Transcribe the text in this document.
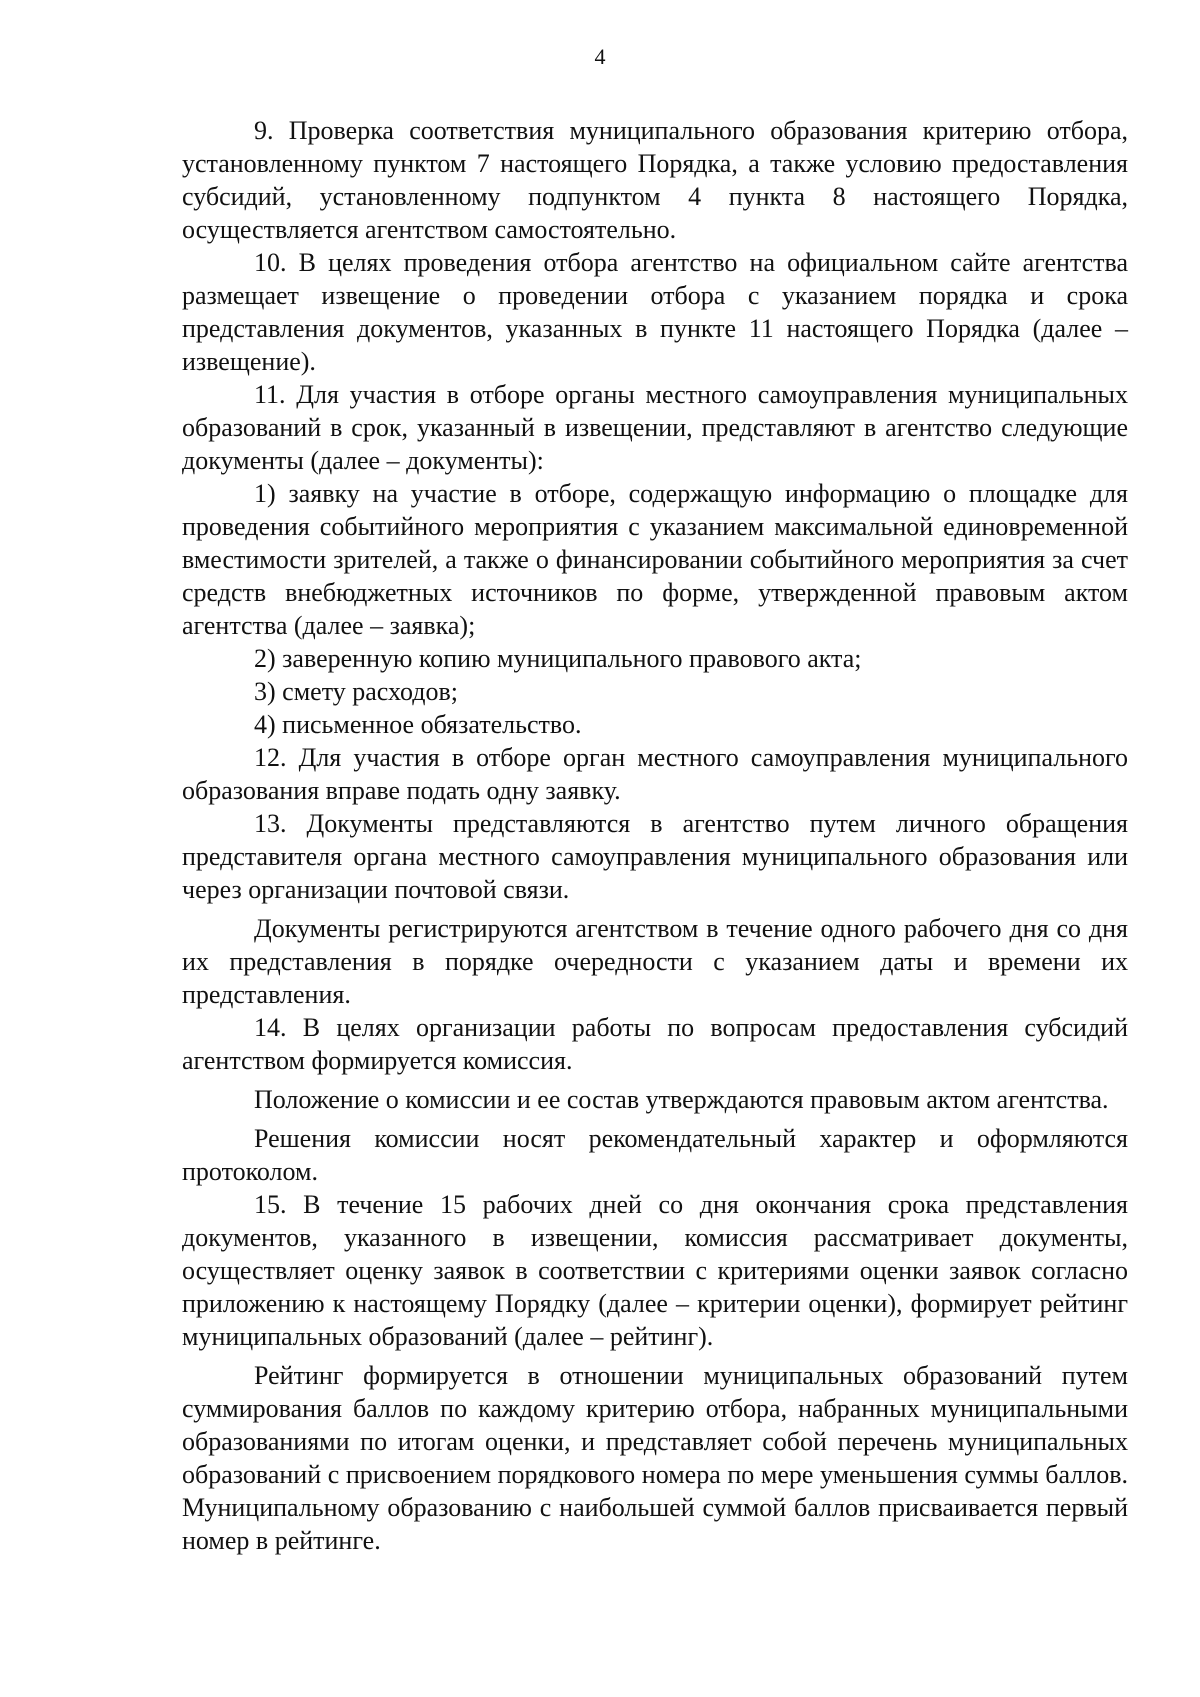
4

9. Проверка соответствия муниципального образования критерию отбора, установленному пунктом 7 настоящего Порядка, а также условию предоставления субсидий, установленному подпунктом 4 пункта 8 настоящего Порядка, осуществляется агентством самостоятельно.

10. В целях проведения отбора агентство на официальном сайте агентства размещает извещение о проведении отбора с указанием порядка и срока представления документов, указанных в пункте 11 настоящего Порядка (далее – извещение).

11. Для участия в отборе органы местного самоуправления муниципальных образований в срок, указанный в извещении, представляют в агентство следующие документы (далее – документы):

1) заявку на участие в отборе, содержащую информацию о площадке для проведения событийного мероприятия с указанием максимальной единовременной вместимости зрителей, а также о финансировании событийного мероприятия за счет средств внебюджетных источников по форме, утвержденной правовым актом агентства (далее – заявка);

2) заверенную копию муниципального правового акта;

3) смету расходов;

4) письменное обязательство.

12. Для участия в отборе орган местного самоуправления муниципального образования вправе подать одну заявку.

13. Документы представляются в агентство путем личного обращения представителя органа местного самоуправления муниципального образования или через организации почтовой связи.

Документы регистрируются агентством в течение одного рабочего дня со дня их представления в порядке очередности с указанием даты и времени их представления.

14. В целях организации работы по вопросам предоставления субсидий агентством формируется комиссия.

Положение о комиссии и ее состав утверждаются правовым актом агентства.

Решения комиссии носят рекомендательный характер и оформляются протоколом.

15. В течение 15 рабочих дней со дня окончания срока представления документов, указанного в извещении, комиссия рассматривает документы, осуществляет оценку заявок в соответствии с критериями оценки заявок согласно приложению к настоящему Порядку (далее – критерии оценки), формирует рейтинг муниципальных образований (далее – рейтинг).

Рейтинг формируется в отношении муниципальных образований путем суммирования баллов по каждому критерию отбора, набранных муниципальными образованиями по итогам оценки, и представляет собой перечень муниципальных образований с присвоением порядкового номера по мере уменьшения суммы баллов. Муниципальному образованию с наибольшей суммой баллов присваивается первый номер в рейтинге.
